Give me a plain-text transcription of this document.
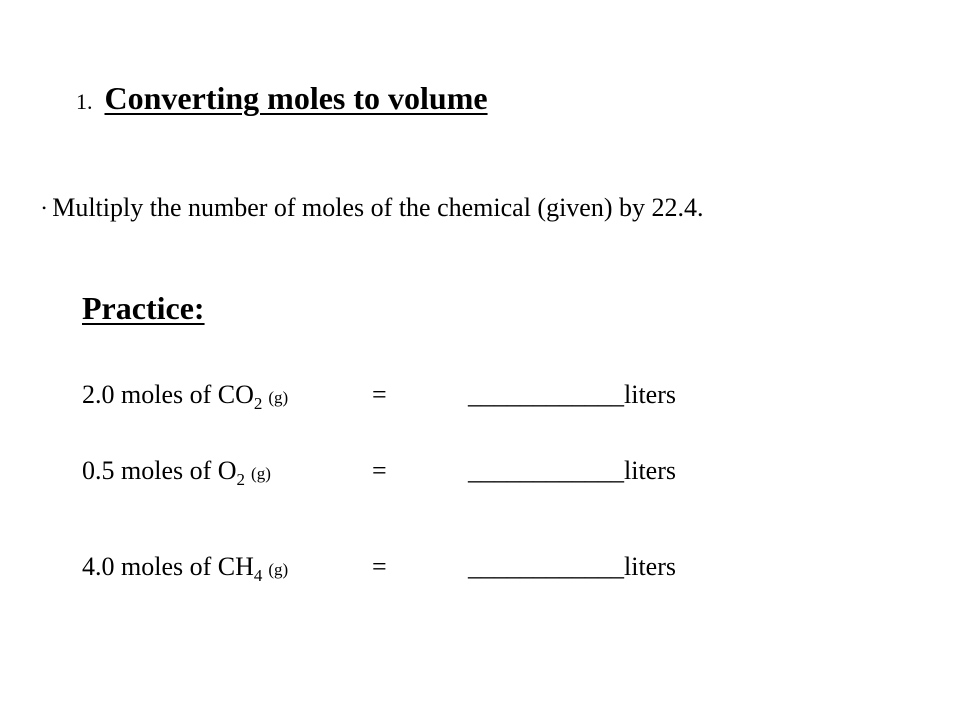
1. Converting moles to volume
• Multiply the number of moles of the chemical (given) by 22.4.
Practice:
2.0 moles of $CO_2$ (g)	=	____________liters
0.5 moles of $O_2$ (g)	=	____________liters
4.0 moles of $CH_4$ (g)	=	____________liters
